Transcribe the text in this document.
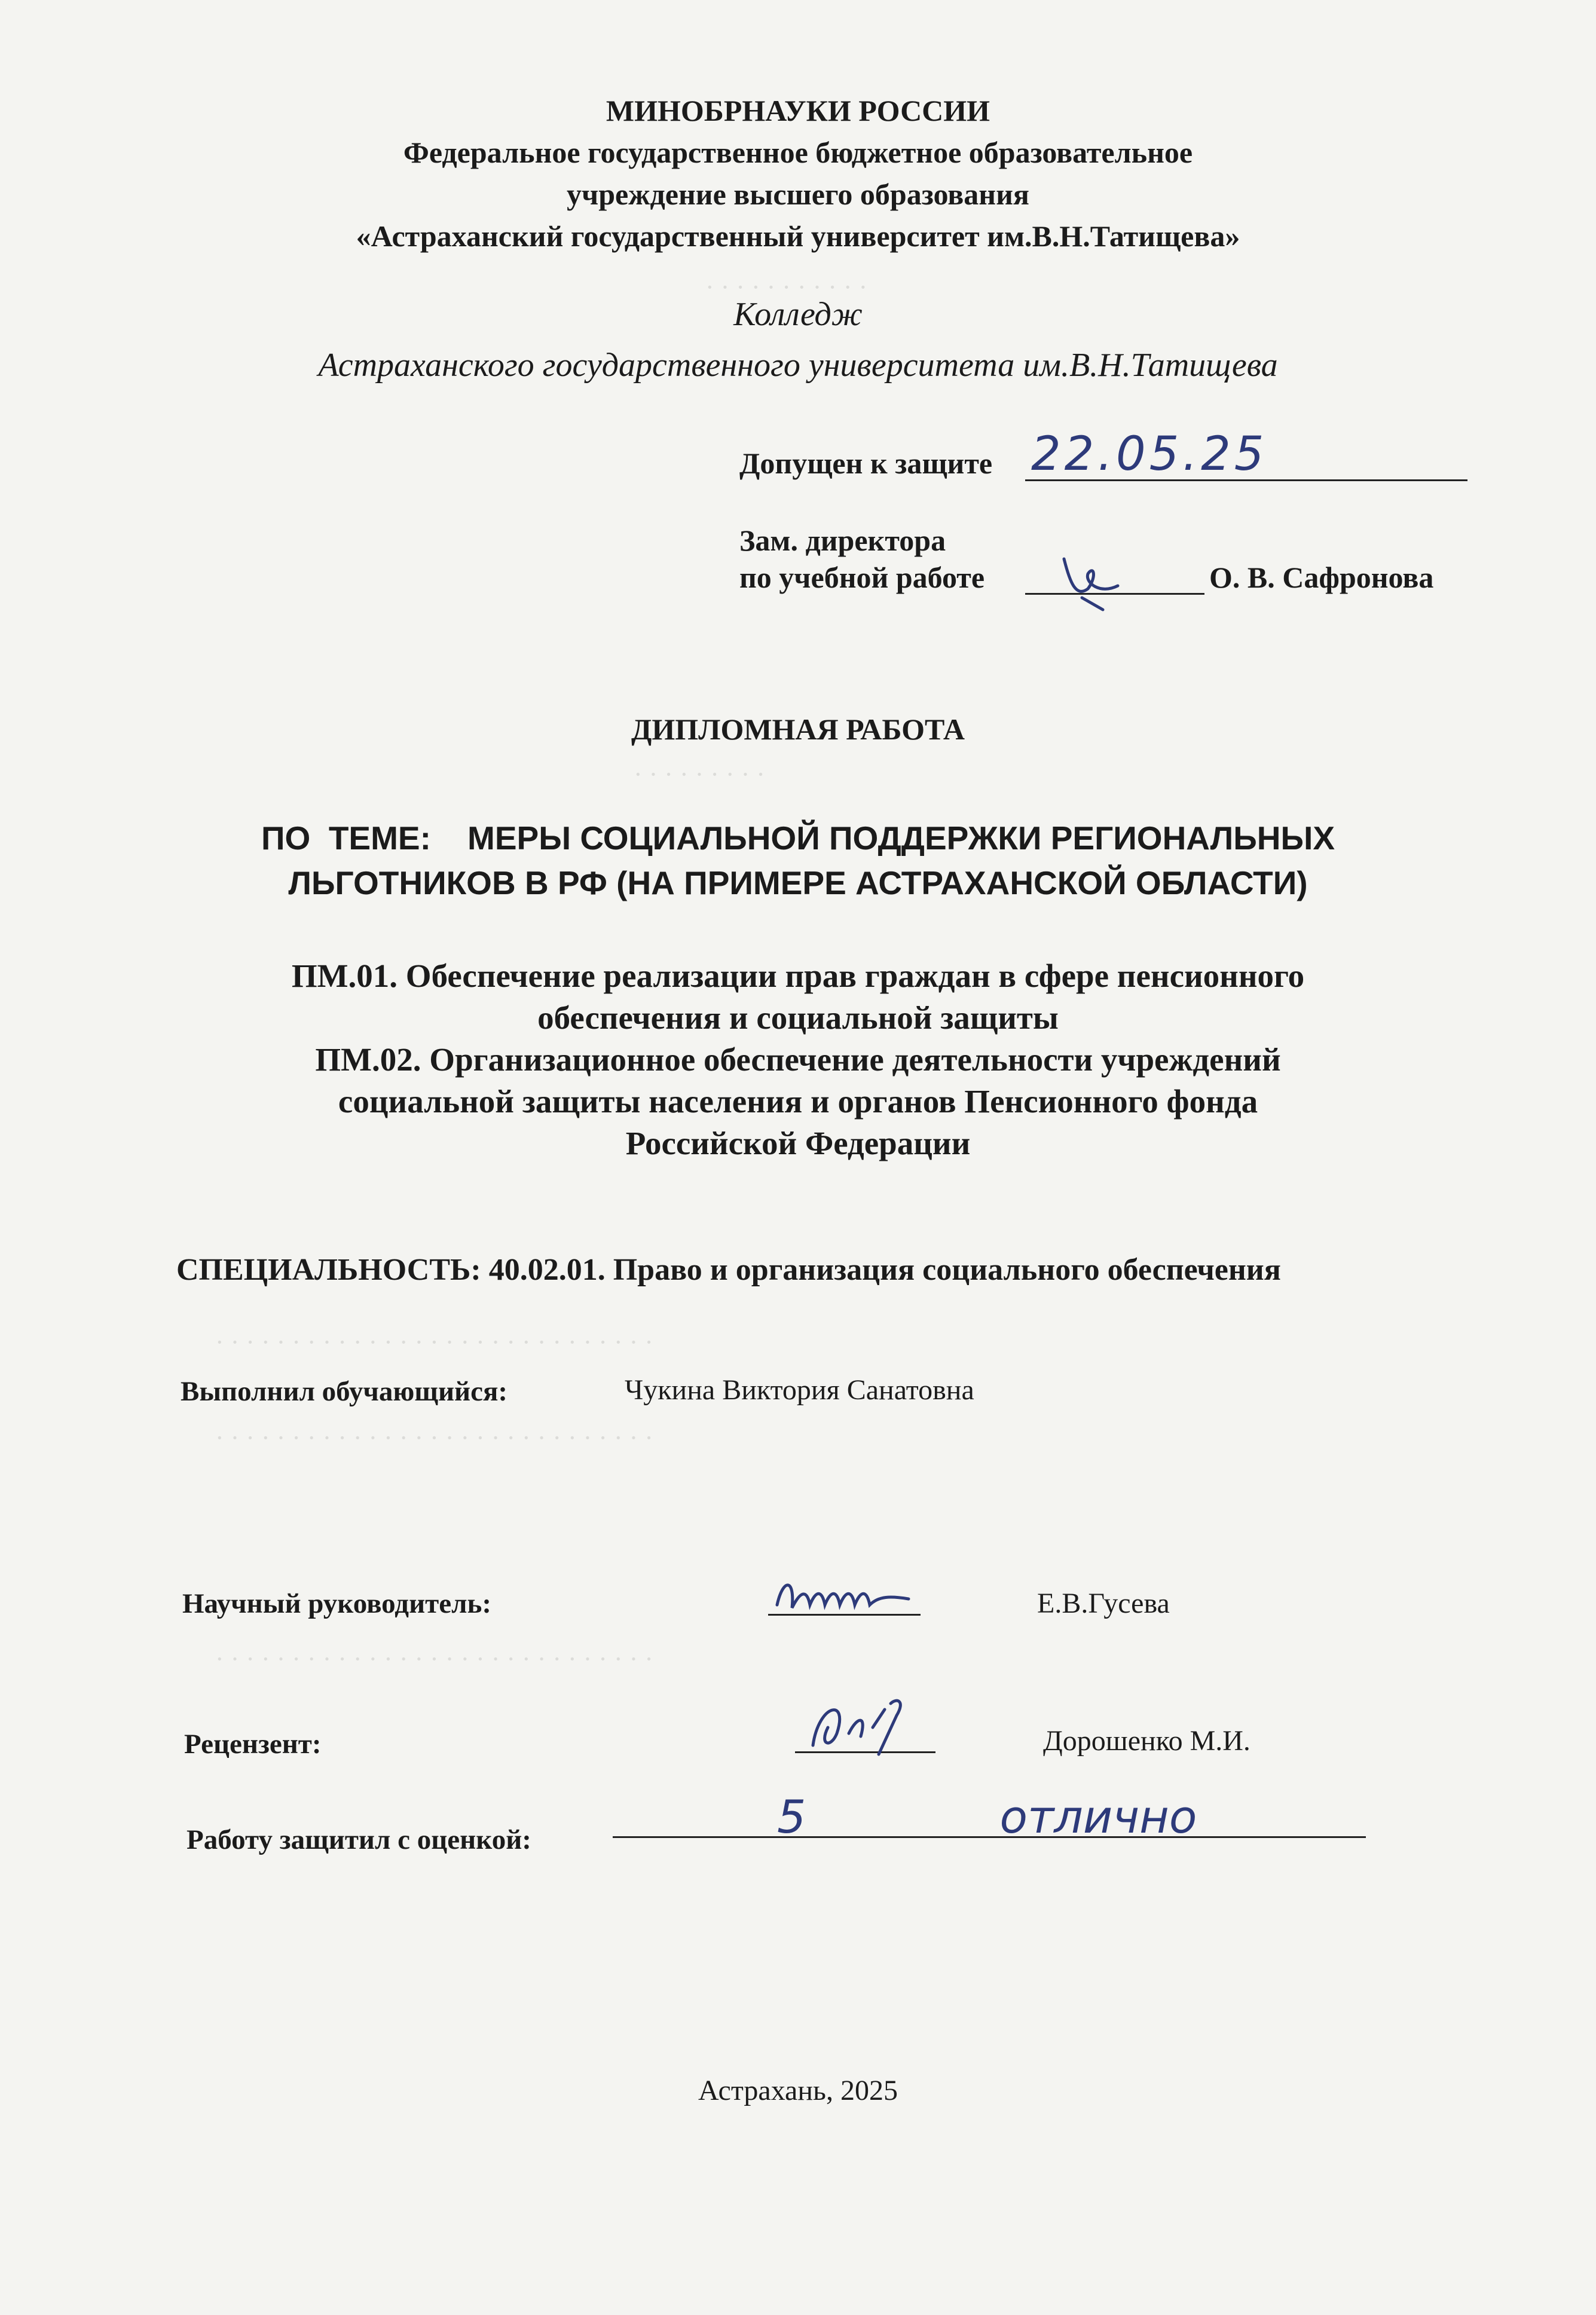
· · · · · · · · · · ·
· · · · · · · · ·
· · · · · · · · · · · · · · · · · · · · · · · · · · · · ·
· · · · · · · · · · · · · · · · · · · · · · · · · · · · ·
· · · · · · · · · · · · · · · · · · · · · · · · · · · · ·
МИНОБРНАУКИ РОССИИ
Федеральное государственное бюджетное образовательное
учреждение высшего образования
«Астраханский государственный университет им.В.Н.Татищева»
Колледж
Астраханского государственного университета им.В.Н.Татищева
Допущен к защите 22.05.25
Зам. директора
по учебной работе	О. В. Сафронова
ДИПЛОМНАЯ РАБОТА
ПО  ТЕМЕ:    МЕРЫ СОЦИАЛЬНОЙ ПОДДЕРЖКИ РЕГИОНАЛЬНЫХ
ЛЬГОТНИКОВ В РФ (НА ПРИМЕРЕ АСТРАХАНСКОЙ ОБЛАСТИ)
ПМ.01. Обеспечение реализации прав граждан в сфере пенсионного
обеспечения и социальной защиты
ПМ.02. Организационное обеспечение деятельности учреждений
социальной защиты населения и органов Пенсионного фонда
Российской Федерации
СПЕЦИАЛЬНОСТЬ: 40.02.01. Право и организация социального обеспечения
Выполнил обучающийся:	Чукина Виктория Санатовна
Научный руководитель:	Е.В.Гусева
Рецензент:	Дорошенко М.И.
Работу защитил с оценкой:	5 отлично
Астрахань, 2025
